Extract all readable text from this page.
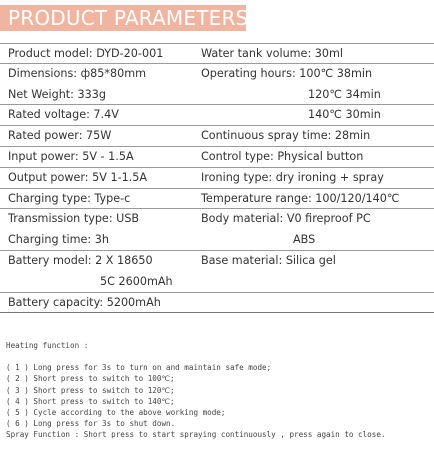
PRODUCT PARAMETERS
Product model: DYD-20-001	Water tank volume: 30ml
Dimensions: ф85*80mm	Operating hours: 100℃ 38min
Net Weight: 333g	120℃ 34min
Rated voltage: 7.4V	140℃ 30min
Rated power: 75W	Continuous spray time: 28min
Input power: 5V - 1.5A	Control type: Physical button
Output power: 5V 1-1.5A	Ironing type: dry ironing + spray
Charging type: Type-c	Temperature range: 100/120/140℃
Transmission type: USB	Body material: V0 fireproof PC
Charging time: 3h	ABS
Battery model: 2 X 18650	Base material: Silica gel
5C 2600mAh
Battery capacity: 5200mAh
Heating function :
( 1 ) Long press for 3s to turn on and maintain safe mode;
( 2 ) Short press to switch to 100℃;
( 3 ) Short press to switch to 120℃;
( 4 ) Short press to switch to 140℃;
( 5 ) Cycle according to the above working mode;
( 6 ) Long press for 3s to shut down.
Spray Function : Short press to start spraying continuously , press again to close.
